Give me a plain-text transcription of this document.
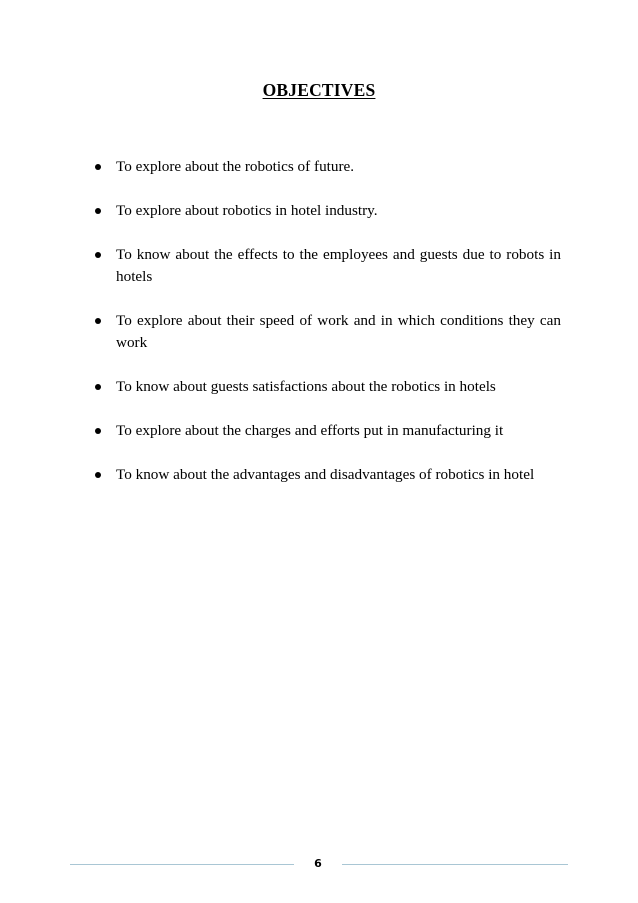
OBJECTIVES
To explore about the robotics of future.
To explore about robotics in hotel industry.
To know about the effects to the employees and guests due to robots in hotels
To explore about their speed of work and in which conditions they can work
To know about guests satisfactions about the robotics in hotels
To explore about the charges and efforts put in manufacturing it
To know about the advantages and disadvantages of robotics in hotel
6
